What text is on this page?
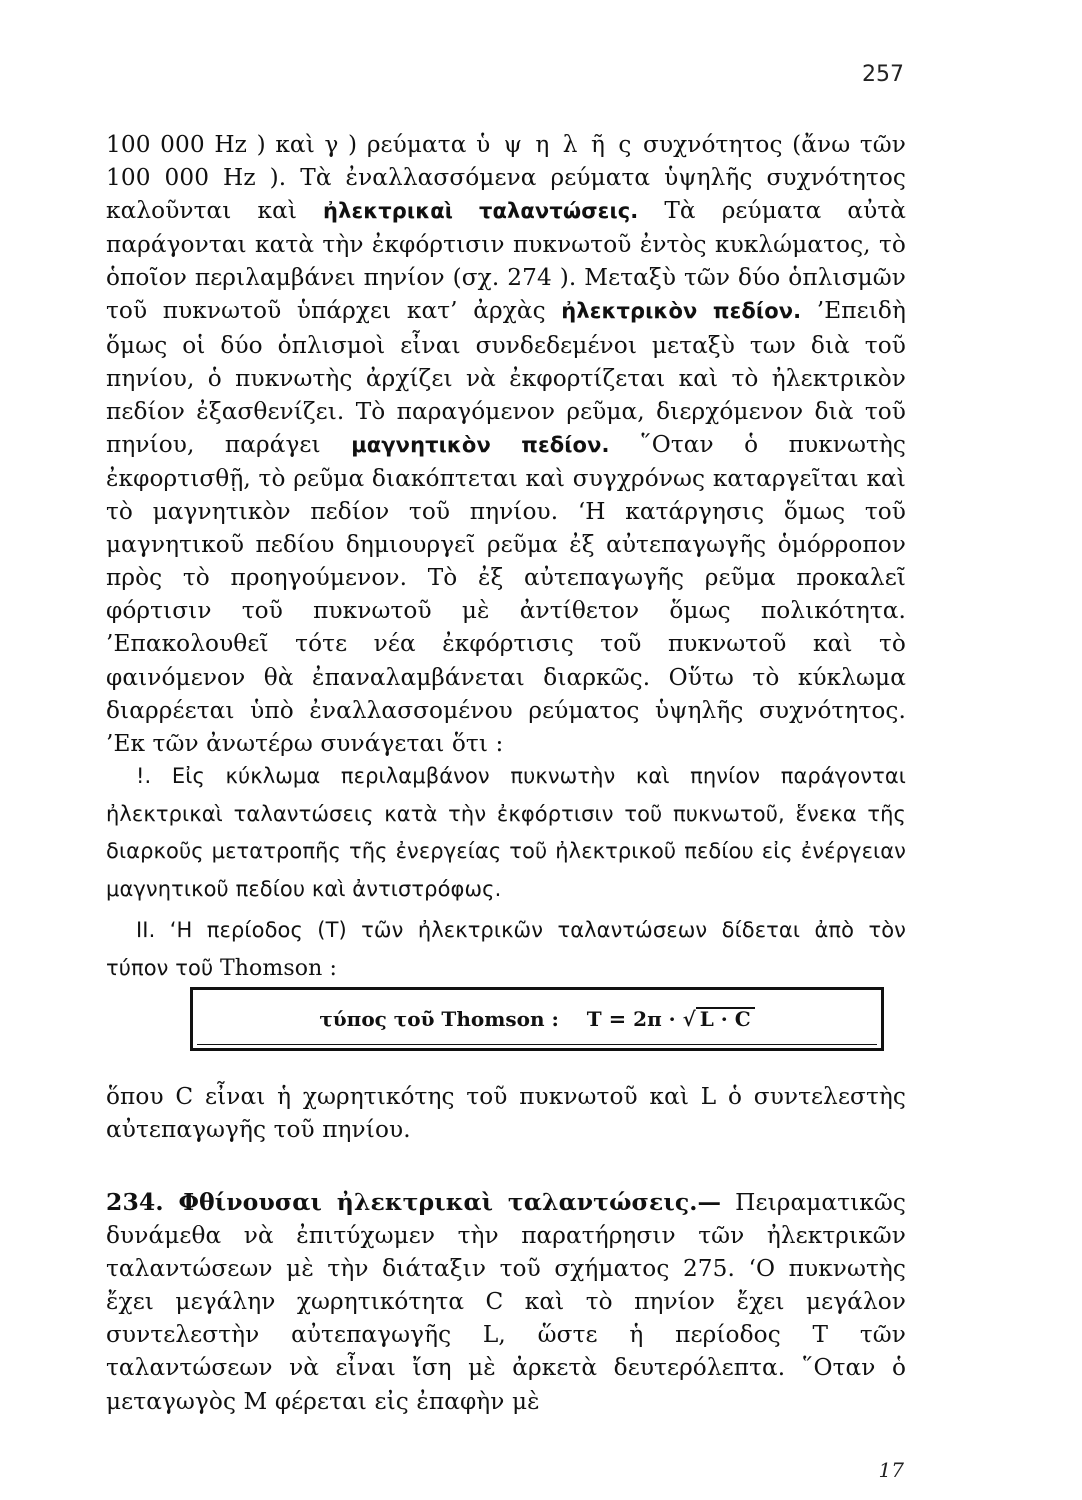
257

100 000 Hz ) καὶ γ ) ρεύματα ὑ ψ η λ ῆ ς συχνότητος (ἄνω τῶν 100 000 Hz ). Τὰ ἐναλλασσόμενα ρεύματα ὑψηλῆς συχνότητος καλοῦνται καὶ ἠλεκτρικαὶ ταλαντώσεις. Τὰ ρεύματα αὐτὰ παράγονται κατὰ τὴν ἐκφόρτισιν πυκνωτοῦ ἐντὸς κυκλώματος, τὸ ὁποῖον περιλαμβάνει πηνίον (σχ. 274 ). Μεταξὺ τῶν δύο ὁπλισμῶν τοῦ πυκνωτοῦ ὑπάρχει κατ’ ἀρχὰς ἠλεκτρικὸν πεδίον. ’Επειδὴ ὅμως οἱ δύο ὁπλισμοὶ εἶναι συνδεδεμένοι μεταξὺ των διὰ τοῦ πηνίου, ὁ πυκνωτὴς ἀρχίζει νὰ ἐκφορτίζεται καὶ τὸ ἠλεκτρικὸν πεδίον ἐξασθενίζει. Τὸ παραγόμενον ρεῦμα, διερχόμενον διὰ τοῦ πηνίου, παράγει μαγνητικὸν πεδίον. ῞Οταν ὁ πυκνωτὴς ἐκφορτισθῇ, τὸ ρεῦμα διακόπτεται καὶ συγχρόνως καταργεῖται καὶ τὸ μαγνητικὸν πεδίον τοῦ πηνίου. ‘Η κατάργησις ὅμως τοῦ μαγνητικοῦ πεδίου δημιουργεῖ ρεῦμα ἐξ αὐτεπαγωγῆς ὁμόρροπον πρὸς τὸ προηγούμενον. Τὸ ἐξ αὐτεπαγωγῆς ρεῦμα προκαλεῖ φόρτισιν τοῦ πυκνωτοῦ μὲ ἀντίθετον ὅμως πολικότητα. ’Επακολουθεῖ τότε νέα ἐκφόρτισις τοῦ πυκνωτοῦ καὶ τὸ φαινόμενον θὰ ἐπαναλαμβάνεται διαρκῶς. Οὕτω τὸ κύκλωμα διαρρέεται ὑπὸ ἐναλλασσομένου ρεύματος ὑψηλῆς συχνότητος. ’Εκ τῶν ἀνωτέρω συνάγεται ὅτι :

!. Εἰς κύκλωμα περιλαμβάνον πυκνωτὴν καὶ πηνίον παράγονται ἠλεκτρικαὶ ταλαντώσεις κατὰ τὴν ἐκφόρτισιν τοῦ πυκνωτοῦ, ἕνεκα τῆς διαρκοῦς μετατροπῆς τῆς ἐνεργείας τοῦ ἠλεκτρικοῦ πεδίου εἰς ἐνέργειαν μαγνητικοῦ πεδίου καὶ ἀντιστρόφως.

ΙΙ. ‘Η περίοδος (Τ) τῶν ἠλεκτρικῶν ταλαντώσεων δίδεται ἀπὸ τὸν τύπον τοῦ Thomson :

τύπος τοῦ Thomson : T = 2π · √ L · C

ὅπου C εἶναι ἡ χωρητικότης τοῦ πυκνωτοῦ καὶ L ὁ συντελεστὴς αὐτεπαγωγῆς τοῦ πηνίου.

234. Φθίνουσαι ἠλεκτρικαὶ ταλαντώσεις.— Πειραματικῶς δυνάμεθα νὰ ἐπιτύχωμεν τὴν παρατήρησιν τῶν ἠλεκτρικῶν ταλαντώσεων μὲ τὴν διάταξιν τοῦ σχήματος 275. ‘Ο πυκνωτὴς ἔχει μεγάλην χωρητικότητα C καὶ τὸ πηνίον ἔχει μεγάλον συντελεστὴν αὐτεπαγωγῆς L, ὥστε ἡ περίοδος T τῶν ταλαντώσεων νὰ εἶναι ἴση μὲ ἀρκετὰ δευτερόλεπτα. ῞Οταν ὁ μεταγωγὸς Μ φέρεται εἰς ἐπαφὴν μὲ

17
